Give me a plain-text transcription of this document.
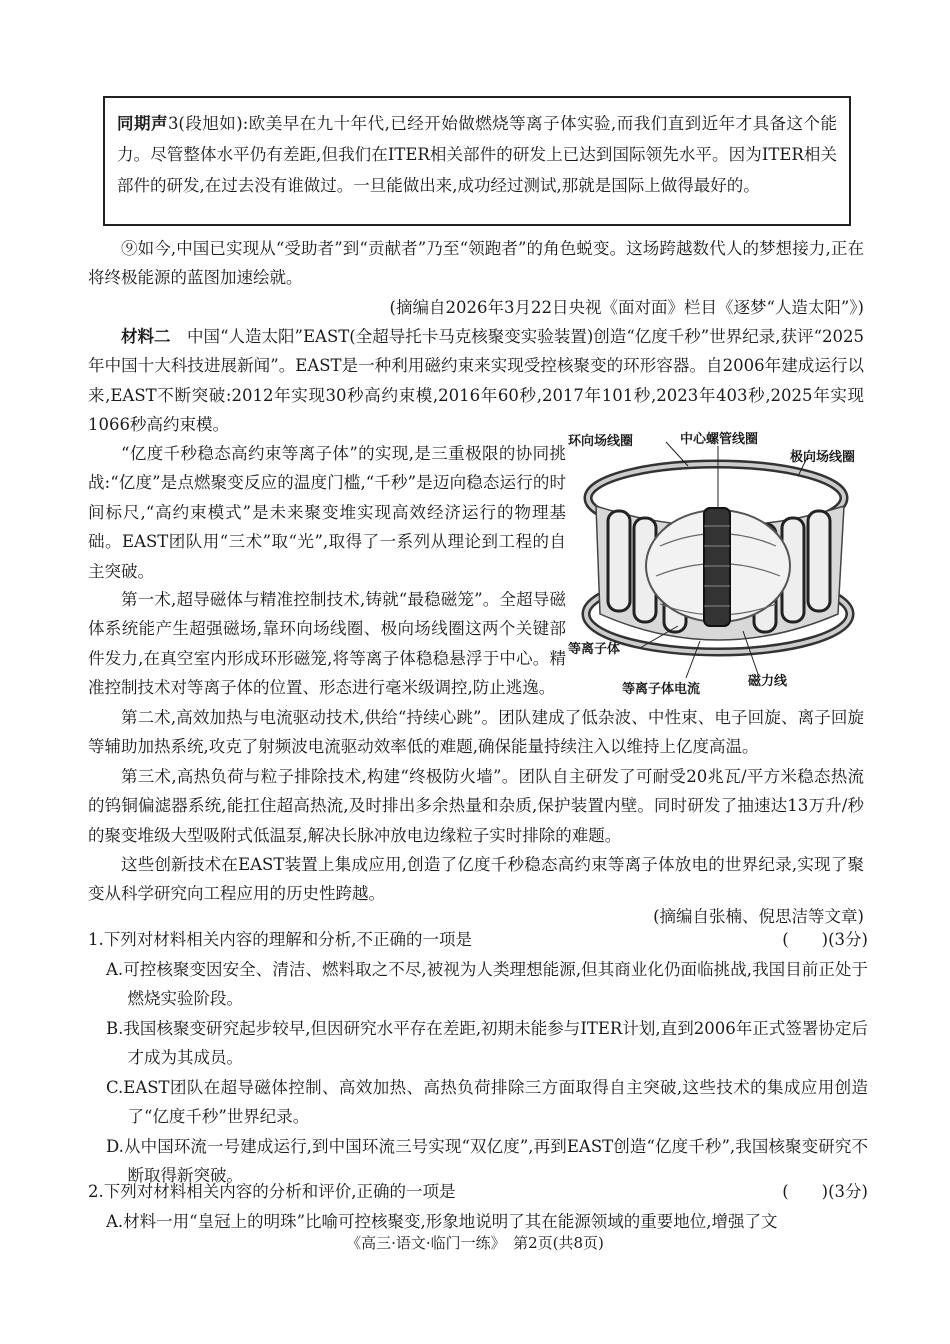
同期声3(段旭如):欧美早在九十年代,已经开始做燃烧等离子体实验,而我们直到近年才具备这个能力。尽管整体水平仍有差距,但我们在ITER相关部件的研发上已达到国际领先水平。因为ITER相关部件的研发,在过去没有谁做过。一旦能做出来,成功经过测试,那就是国际上做得最好的。
⑨如今,中国已实现从“受助者”到“贡献者”乃至“领跑者”的角色蜕变。这场跨越数代人的梦想接力,正在将终极能源的蓝图加速绘就。
(摘编自2026年3月22日央视《面对面》栏目《逐梦“人造太阳”》)
材料二　 中国“人造太阳”EAST(全超导托卡马克核聚变实验装置)创造“亿度千秒”世界纪录,获评“2025年中国十大科技进展新闻”。EAST是一种利用磁约束来实现受控核聚变的环形容器。自2006年建成运行以来,EAST不断突破:2012年实现30秒高约束模,2016年60秒,2017年101秒,2023年403秒,2025年实现1066秒高约束模。
“亿度千秒稳态高约束等离子体”的实现,是三重极限的协同挑战:“亿度”是点燃聚变反应的温度门槛,“千秒”是迈向稳态运行的时间标尺,“高约束模式”是未来聚变堆实现高效经济运行的物理基础。EAST团队用“三术”取“光”,取得了一系列从理论到工程的自主突破。
第一术,超导磁体与精准控制技术,铸就“最稳磁笼”。全超导磁体系统能产生超强磁场,靠环向场线圈、极向场线圈这两个关键部件发力,在真空室内形成环形磁笼,将等离子体稳稳悬浮于中心。精准控制技术对等离子体的位置、形态进行毫米级调控,防止逃逸。
环向场线圈	中心螺管线圈
极向场线圈
等离子体
等离子体电流
磁力线
第二术,高效加热与电流驱动技术,供给“持续心跳”。团队建成了低杂波、中性束、电子回旋、离子回旋等辅助加热系统,攻克了射频波电流驱动效率低的难题,确保能量持续注入以维持上亿度高温。
第三术,高热负荷与粒子排除技术,构建“终极防火墙”。团队自主研发了可耐受20兆瓦/平方米稳态热流的钨铜偏滤器系统,能扛住超高热流,及时排出多余热量和杂质,保护装置内壁。同时研发了抽速达13万升/秒的聚变堆级大型吸附式低温泵,解决长脉冲放电边缘粒子实时排除的难题。
这些创新技术在EAST装置上集成应用,创造了亿度千秒稳态高约束等离子体放电的世界纪录,实现了聚变从科学研究向工程应用的历史性跨越。
(摘编自张楠、倪思洁等文章)
1.下列对材料相关内容的理解和分析,不正确的一项是	(　　)(3分)
A.可控核聚变因安全、清洁、燃料取之不尽,被视为人类理想能源,但其商业化仍面临挑战,我国目前正处于燃烧实验阶段。
B.我国核聚变研究起步较早,但因研究水平存在差距,初期未能参与ITER计划,直到2006年正式签署协定后才成为其成员。
C.EAST团队在超导磁体控制、高效加热、高热负荷排除三方面取得自主突破,这些技术的集成应用创造了“亿度千秒”世界纪录。
D.从中国环流一号建成运行,到中国环流三号实现“双亿度”,再到EAST创造“亿度千秒”,我国核聚变研究不断取得新突破。
2.下列对材料相关内容的分析和评价,正确的一项是	(　　)(3分)
A.材料一用“皇冠上的明珠”比喻可控核聚变,形象地说明了其在能源领域的重要地位,增强了文
《高三·语文·临门一练》　第2页(共8页)
